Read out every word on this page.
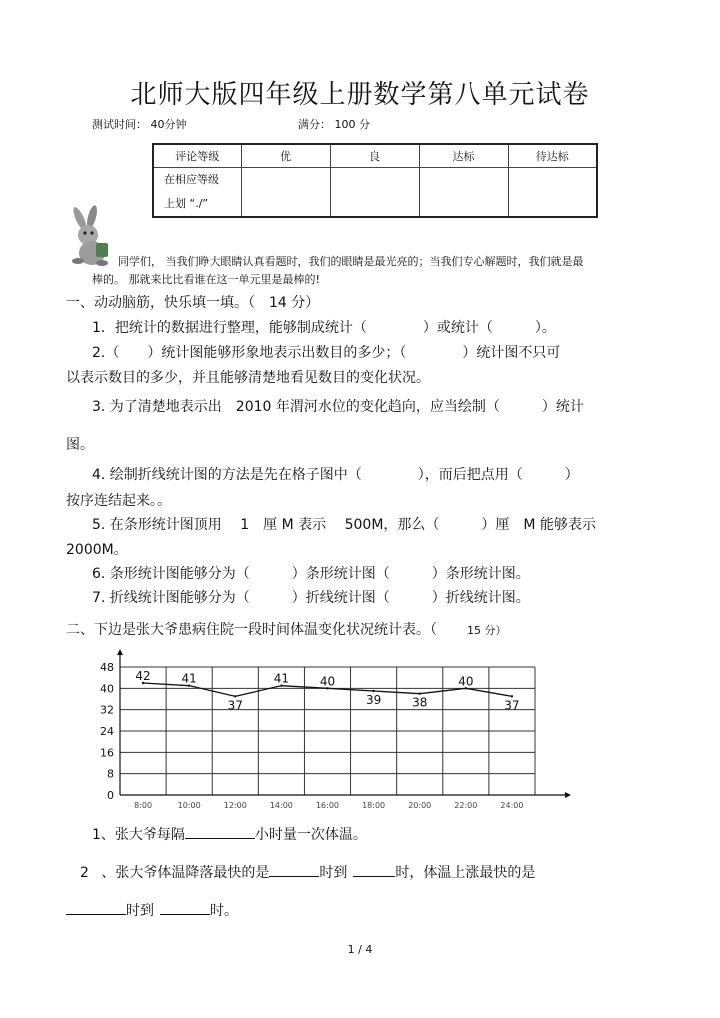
北师大版四年级上册数学第八单元试卷
测试时间： 40分钟	满分： 100 分
评论等级	优	良	达标	待达标

在相应等级
上划 “./”				

同学们， 当我们睁大眼睛认真看题时，我们的眼睛是最光亮的；当我们专心解题时，我们就是最
棒的。 那就来比比看谁在这一单元里是最棒的!
一、动动脑筋，快乐填一填。（　14 分）
1．把统计的数据进行整理，能够制成统计（　　　　）或统计（　　　）。
2.（　　）统计图能够形象地表示出数目的多少；（　　　　）统计图不只可
以表示数目的多少，并且能够清楚地看见数目的变化状况。
3. 为了清楚地表示出　2010 年渭河水位的变化趋向，应当绘制（　　　）统计
图。
4. 绘制折线统计图的方法是先在格子图中（　　　　），而后把点用（　　　）
按序连结起来。。
5. 在条形统计图顶用　 1　厘 M 表示　 500M，那么（　　　）厘　M 能够表示
2000M。
6. 条形统计图能够分为（　　　）条形统计图（　　　）条形统计图。
7. 折线统计图能够分为（　　　）折线统计图（　　　）折线统计图。
二、下边是张大爷患病住院一段时间体温变化状况统计表。（	15 分）
0
8
16
24
32
40
48
8:00	10:00	12:00	14:00	16:00	18:00	20:00	22:00	24:00
42	41
37
41	40
39	38
40
37
1、张大爷每隔	小时量一次体温。
2 、张大爷体温降落最快的是	时到	时，体温上涨最快的是
时到	时。
1 / 4
